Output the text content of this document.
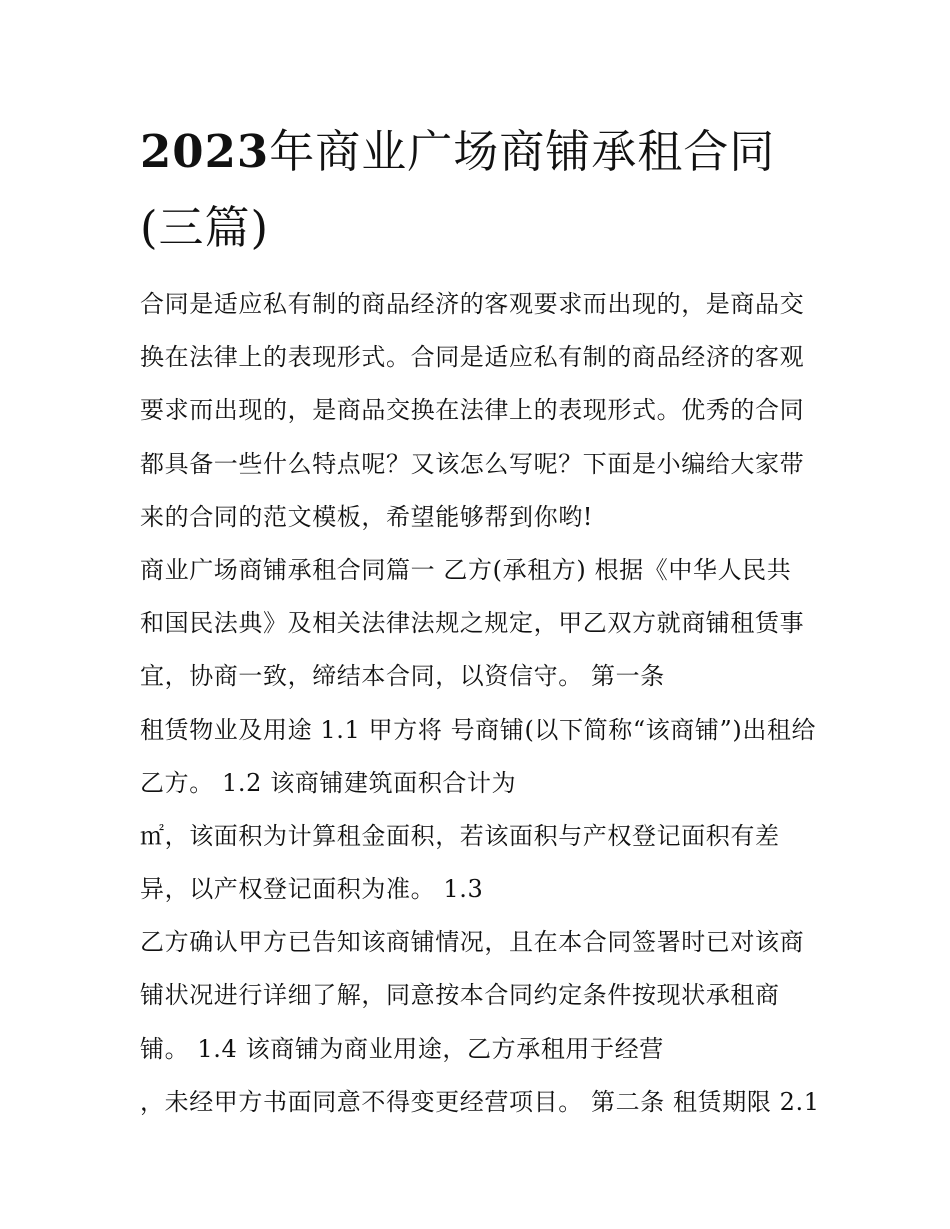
2023年商业广场商铺承租合同(三篇)
合同是适应私有制的商品经济的客观要求而出现的，是商品交
换在法律上的表现形式。合同是适应私有制的商品经济的客观
要求而出现的，是商品交换在法律上的表现形式。优秀的合同
都具备一些什么特点呢？又该怎么写呢？下面是小编给大家带
来的合同的范文模板，希望能够帮到你哟!
商业广场商铺承租合同篇一 乙方(承租方) 根据《中华人民共
和国民法典》及相关法律法规之规定，甲乙双方就商铺租赁事
宜，协商一致，缔结本合同，以资信守。 第一条
租赁物业及用途 1.1 甲方将 号商铺(以下简称“该商铺”)出租给
乙方。 1.2 该商铺建筑面积合计为
㎡，该面积为计算租金面积，若该面积与产权登记面积有差
异，以产权登记面积为准。 1.3
乙方确认甲方已告知该商铺情况，且在本合同签署时已对该商
铺状况进行详细了解，同意按本合同约定条件按现状承租商
铺。 1.4 该商铺为商业用途，乙方承租用于经营
，未经甲方书面同意不得变更经营项目。 第二条 租赁期限 2.1
